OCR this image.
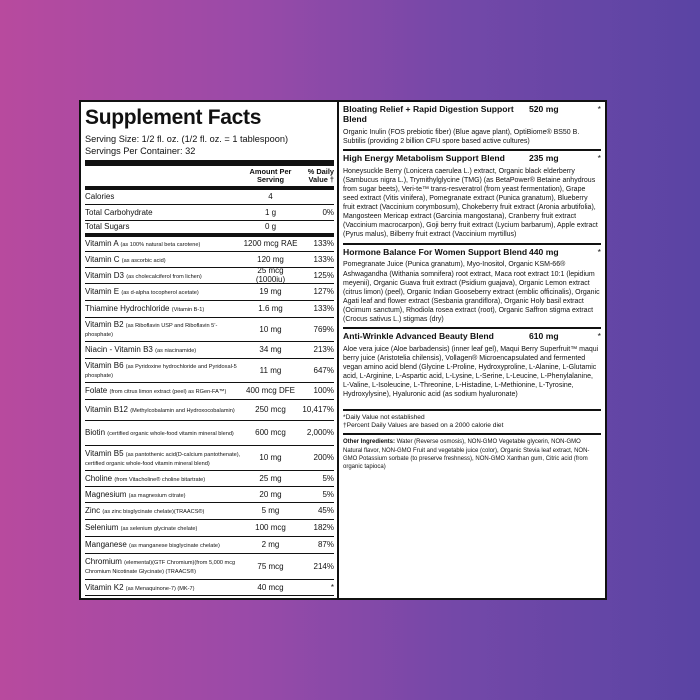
Supplement Facts
Serving Size: 1/2 fl. oz. (1/2 fl. oz. = 1 tablespoon)
Servings Per Container: 32
Amount Per Serving
% Daily Value †
Calories	4
Total Carbohydrate	1 g	0%
Total Sugars	0 g
Vitamin A (as 100% natural beta carotene)	1200 mcg RAE	133%
Vitamin C (as ascorbic acid)	120 mg	133%
Vitamin D3 (as cholecalciferol from lichen)
25 mcg (1000iu)	125%
Vitamin E (as d-alpha tocopherol acetate)	19 mg	127%
Thiamine Hydrochloride (Vitamin B-1)	1.6 mg	133%
Vitamin B2 (as Riboflavin USP and Riboflavin 5’-phosphate)
10 mg	769%
Niacin - Vitamin B3 (as niacinamide)	34 mg	213%
Vitamin B6 (as Pyridoxine hydrochloride and Pyridoxal-5 phosphate)
11 mg	647%
Folate (from citrus limon extract (peel) as RGen-FA™)	400 mcg DFE	100%
Vitamin B12 (Methylcobalamin and Hydroxocobalamin)	250 mcg	10,417%
Biotin (certified organic whole-food vitamin mineral blend)	600 mcg	2,000%
Vitamin B5 (as pantothenic acid(D-calcium pantothenate), certified organic whole-food vitamin mineral blend)
10 mg	200%
Choline (from Vitacholine® choline bitartrate)	25 mg	5%
Magnesium (as magnesium citrate)	20 mg	5%
Zinc (as zinc bisglycinate chelate)(TRAACS®)	5 mg	45%
Selenium (as selenium glycinate chelate)	100 mcg	182%
Manganese (as manganese bisglycinate chelate)	2 mg	87%
Chromium (elemental)(GTF Chromium)(from 5,000 mcg Chromium Nicotinate Glycinate) (TRAACS®)
75 mcg	214%
Vitamin K2 (as Menaquinone-7) (MK-7)	40 mcg	*
Bloating Relief + Rapid Digestion Support Blend
520 mg	*
Organic Inulin (FOS prebiotic fiber) (Blue agave plant), OptiBiome® BS50 B. Subtilis (providing 2 billion CFU spore based active cultures)
High Energy Metabolism Support Blend	235 mg	*
Honeysuckle Berry (Lonicera caerulea L.) extract, Organic black elderberry (Sambucus nigra L.), Trymithylglycine (TMG) (as BetaPower® Betaine anhydrous from sugar beets), Veri-te™ trans-resveratrol (from yeast fermentation), Grape seed extract (Vitis vinifera), Pomegranate extract (Punica granatum), Blueberry fruit extract (Vaccinium corymbosum), Chokeberry fruit extract (Aronia arbutifolia), Mangosteen Mericap extract (Garcinia mangostana), Cranberry fruit extract (Vaccinium macrocarpon), Goji berry fruit extract (Lycium barbarum), Apple extract (Pyrus malus), Bilberry fruit extract (Vaccinium myrtillus)
Hormone Balance For Women Support Blend 440 mg	*
Pomegranate Juice (Punica granatum), Myo-Inositol, Organic KSM-66® Ashwagandha (Withania somnifera) root extract, Maca root extract 10:1 (lepidium meyenii), Organic Guava fruit extract (Psidium guajava), Organic Lemon extract (citrus limon) (peel), Organic Indian Gooseberry extract (emblic officinalis), Organic Agati leaf and flower extract (Sesbania grandiflora), Organic Holy basil extract (Ocimum sanctum), Rhodiola rosea extract (root), Organic Saffron stigma extract (Crocus sativus L.) stigmas (dry)
Anti-Wrinkle Advanced Beauty Blend	610 mg	*
Aloe vera juice (Aloe barbadensis) (inner leaf gel), Maqui Berry Superfruit™ maqui berry juice (Aristotelia chilensis), Vollagen® Microencapsulated and fermented vegan amino acid blend (Glycine L-Proline, Hydroxyproline, L-Alanine, L-Glutamic acid, L-Arginine, L-Aspartic acid, L-Lysine, L-Serine, L-Leucine, L-Phenylalanine, L-Valine, L-Isoleucine, L-Threonine, L-Histadine, L-Methionine, L-Tyrosine, Hydroxylysine), Hyaluronic acid (as sodium hyaluronate)
*Daily Value not established
†Percent Daily Values are based on a 2000 calorie diet
Other Ingredients: Water (Reverse osmosis), NON-GMO Vegetable glycerin, NON-GMO Natural flavor, NON-GMO Fruit and vegetable juice (color), Organic Stevia leaf extract, NON-GMO Potassium sorbate (to preserve freshness), NON-GMO Xanthan gum, Citric acid (from organic tapioca)
